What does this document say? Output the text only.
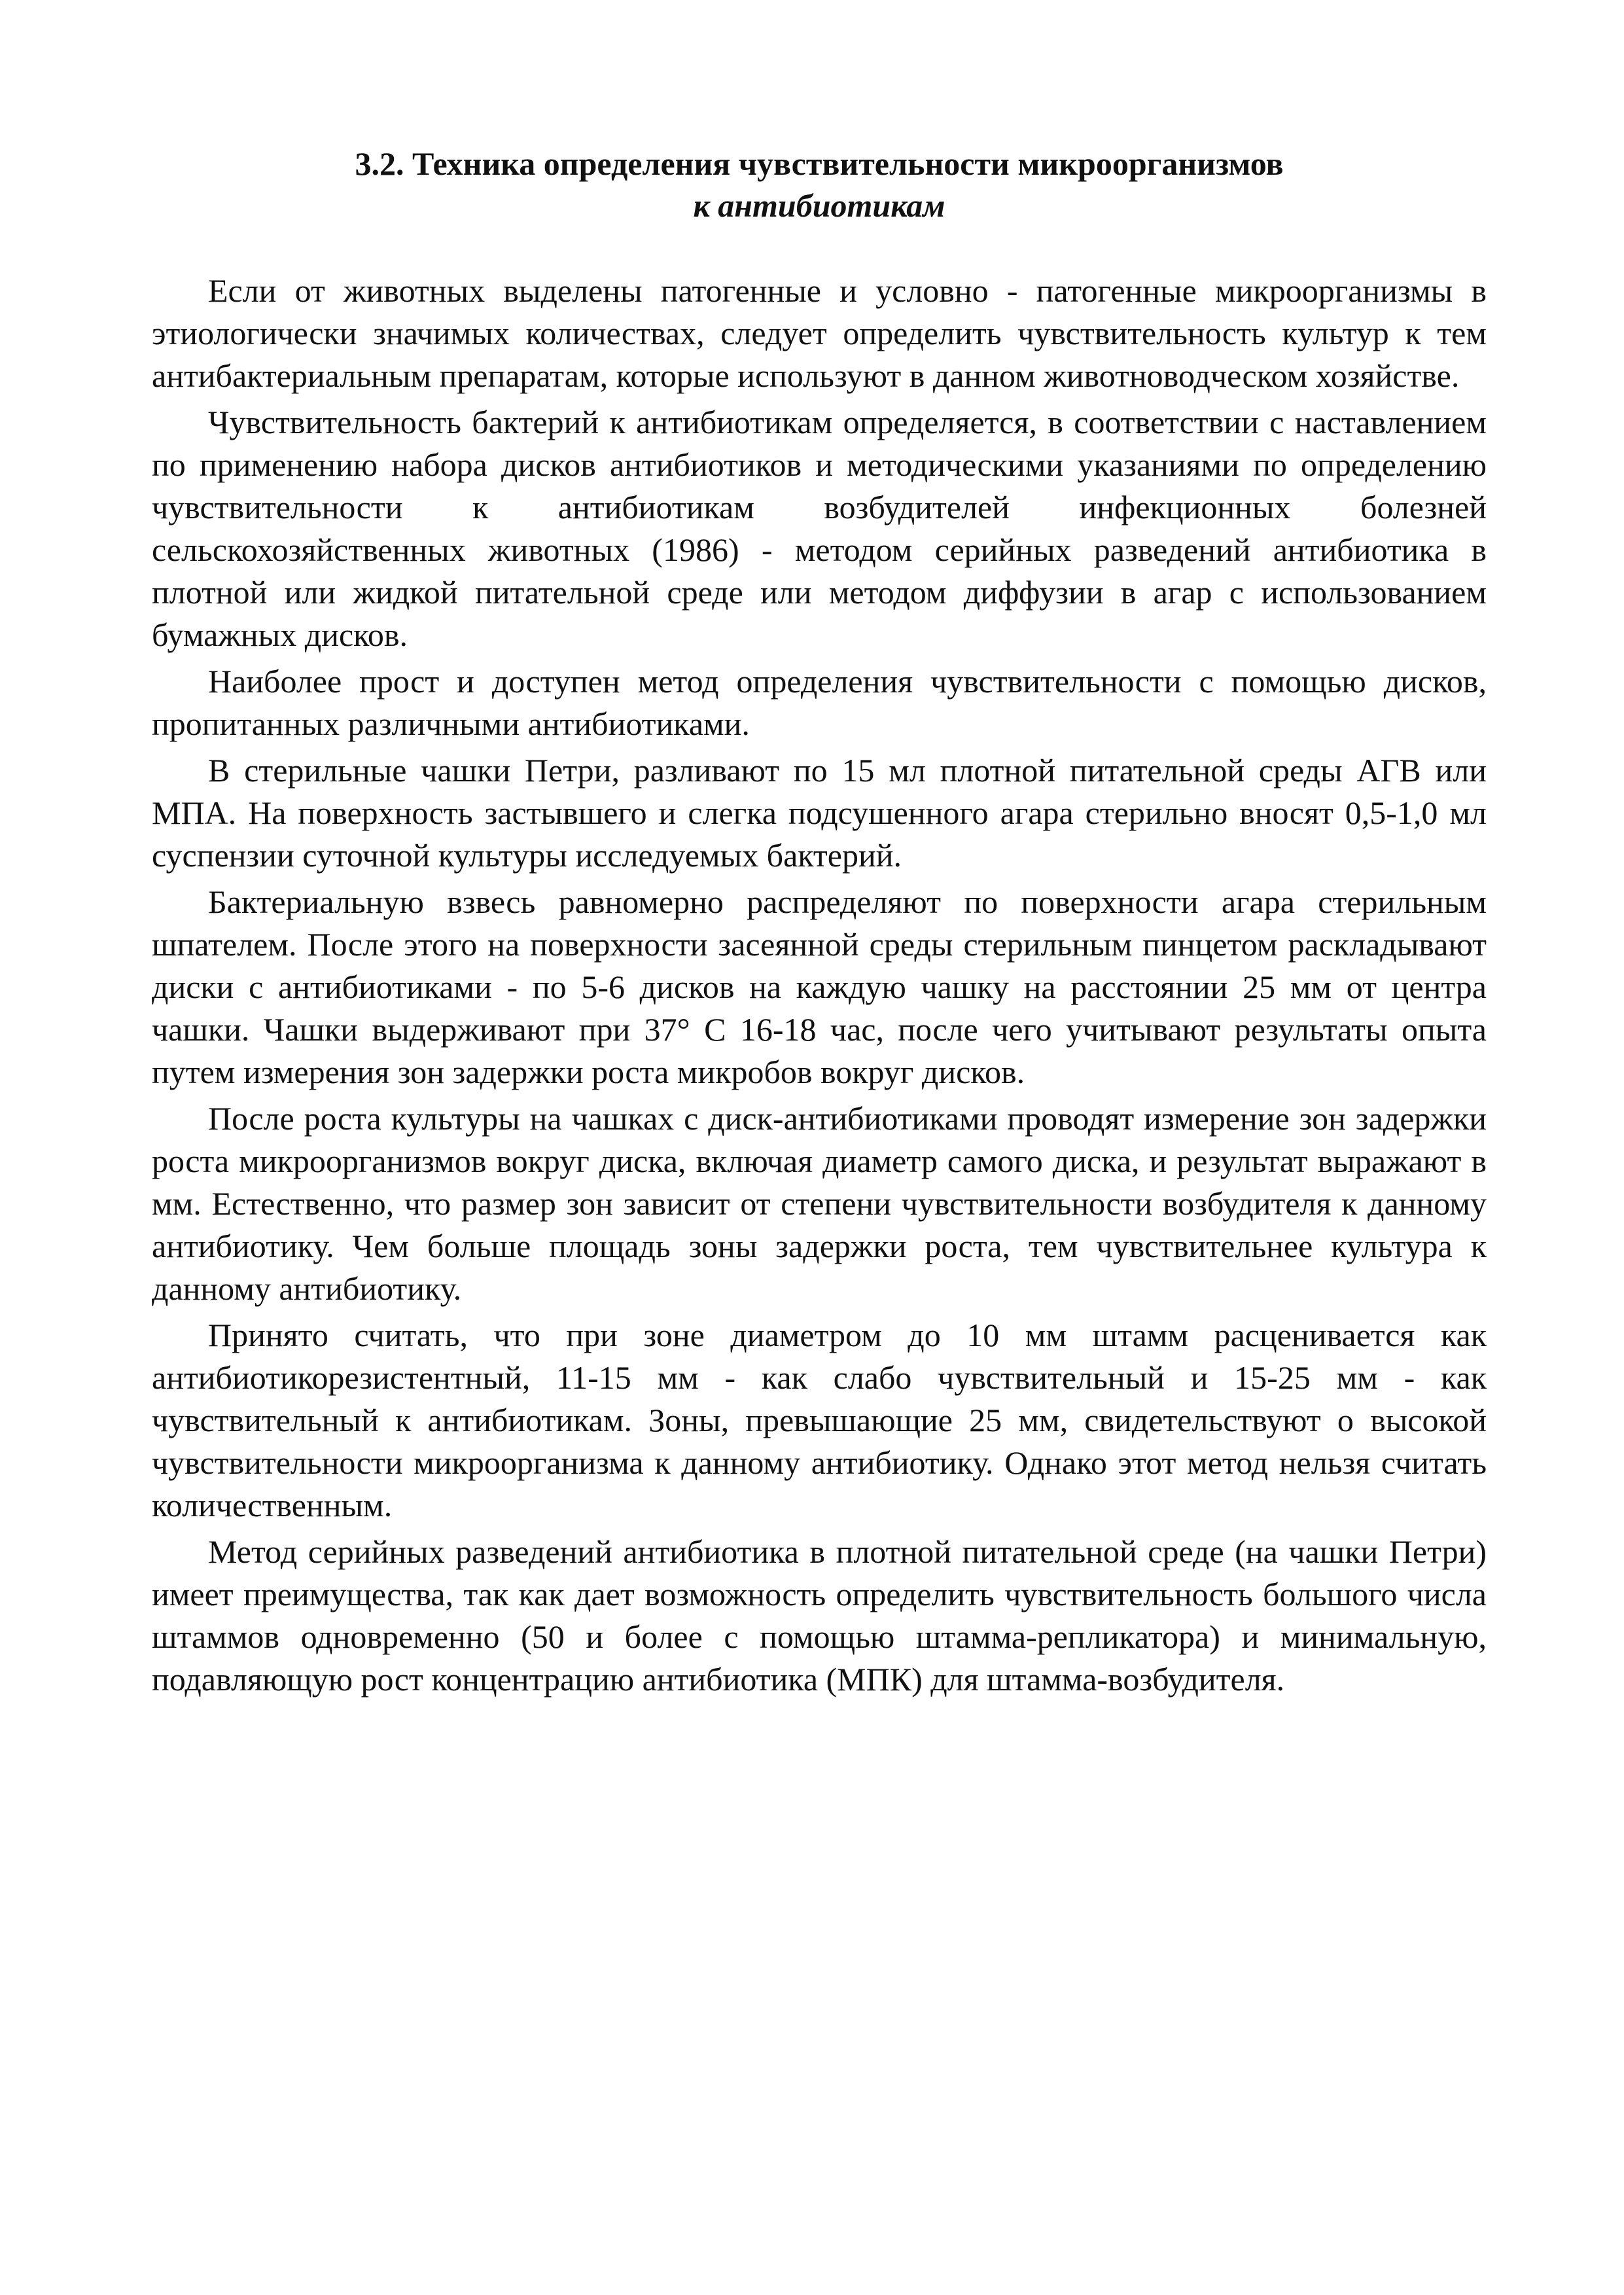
3.2. Техника определения чувствительности микроорганизмов
к антибиотикам

Если от животных выделены патогенные и условно - патогенные микроорганизмы в этиологически значимых количествах, следует определить чувствительность культур к тем антибактериальным препаратам, которые используют в данном животноводческом хозяйстве.

Чувствительность бактерий к антибиотикам определяется, в соответствии с наставлением по применению набора дисков антибиотиков и методическими указаниями по определению чувствительности к антибиотикам возбудителей инфекционных болезней сельскохозяйственных животных (1986) - методом серийных разведений антибиотика в плотной или жидкой питательной среде или методом диффузии в агар с использованием бумажных дисков.

Наиболее прост и доступен метод определения чувствительности с помощью дисков, пропитанных различными антибиотиками.

В стерильные чашки Петри, разливают по 15 мл плотной питательной среды АГВ или МПА. На поверхность застывшего и слегка подсушенного агара стерильно вносят 0,5-1,0 мл суспензии суточной культуры исследуемых бактерий.

Бактериальную взвесь равномерно распределяют по поверхности агара стерильным шпателем. После этого на поверхности засеянной среды стерильным пинцетом раскладывают диски с антибиотиками - по 5-6 дисков на каждую чашку на расстоянии 25 мм от центра чашки. Чашки выдерживают при 37° С 16-18 час, после чего учитывают результаты опыта путем измерения зон задержки роста микробов вокруг дисков.

После роста культуры на чашках с диск-антибиотиками проводят измерение зон задержки роста микроорганизмов вокруг диска, включая диаметр самого диска, и результат выражают в мм. Естественно, что размер зон зависит от степени чувствительности возбудителя к данному антибиотику. Чем больше площадь зоны задержки роста, тем чувствительнее культура к данному антибиотику.

Принято считать, что при зоне диаметром до 10 мм штамм расценивается как антибиотикорезистентный, 11-15 мм - как слабо чувствительный и 15-25 мм - как чувствительный к антибиотикам. Зоны, превышающие 25 мм, свидетельствуют о высокой чувствительности микроорганизма к данному антибиотику. Однако этот метод нельзя считать количественным.

Метод серийных разведений антибиотика в плотной питательной среде (на чашки Петри) имеет преимущества, так как дает возможность определить чувствительность большого числа штаммов одновременно (50 и более с помощью штамма-репликатора) и минимальную, подавляющую рост концентрацию антибиотика (МПК) для штамма-возбудителя.
